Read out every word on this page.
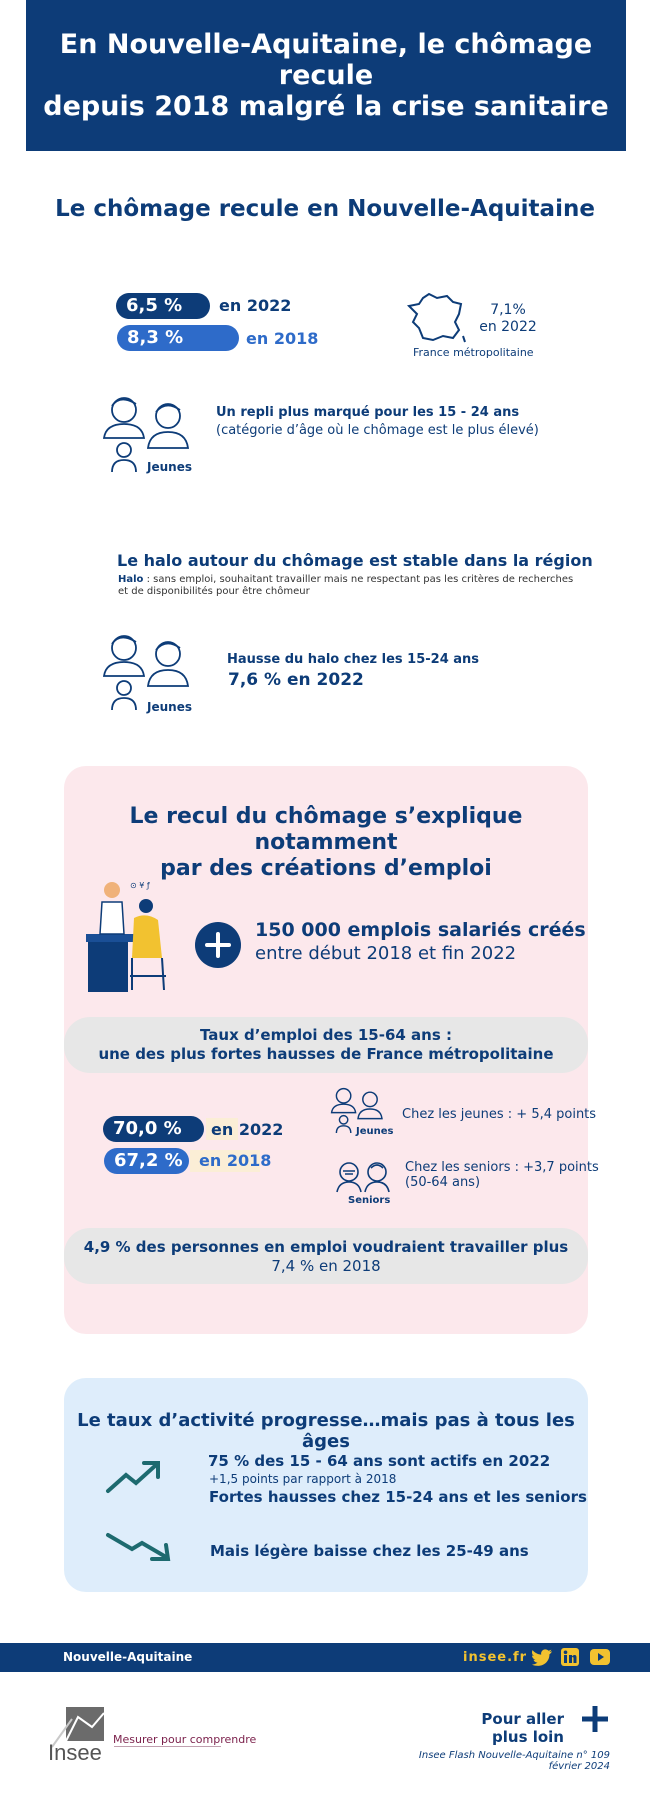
En Nouvelle-Aquitaine, le chômage recule
depuis 2018 malgré la crise sanitaire
Le chômage recule en Nouvelle-Aquitaine
6,5 %	en 2022
8,3 %	en 2018
7,1%
en 2022
France métropolitaine
Jeunes
Un repli plus marqué pour les 15 - 24 ans
(catégorie d’âge où le chômage est le plus élevé)
Le halo autour du chômage est stable dans la région
Halo : sans emploi, souhaitant travailler mais ne respectant pas les critères de recherches et de disponibilités pour être chômeur
Jeunes
Hausse du halo chez les 15-24 ans
7,6 % en 2022
Le recul du chômage s’explique notamment
par des créations d’emploi
⊙ ¥ ƒ
150 000 emplois salariés créés
entre début 2018 et fin 2022
Taux d’emploi des 15-64 ans :
une des plus fortes hausses de France métropolitaine
70,0 %	en 2022
67,2 %	en 2018
Jeunes
Chez les jeunes : + 5,4 points
Seniors
Chez les seniors : +3,7 points
(50-64 ans)
4,9 % des personnes en emploi voudraient travailler plus
7,4 % en 2018
Le taux d’activité progresse…mais pas à tous les âges
75 % des 15 - 64 ans sont actifs en 2022
+1,5 points par rapport à 2018
Fortes hausses chez 15-24 ans et les seniors
Mais légère baisse chez les 25-49 ans
Nouvelle-Aquitaine	insee.fr
Insee
Mesurer pour comprendre
Pour aller
plus loin
Insee Flash Nouvelle-Aquitaine n° 109
février 2024
